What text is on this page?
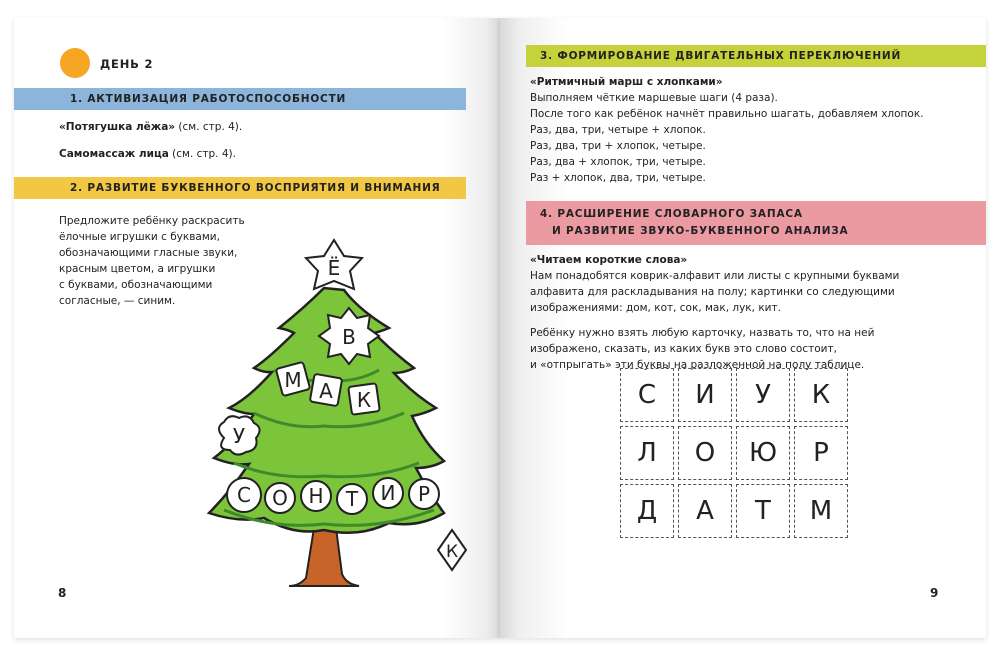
ДЕНЬ 2
1. АКТИВИЗАЦИЯ РАБОТОСПОСОБНОСТИ
«Потягушка лёжа» (см. стр. 4).
Самомассаж лица (см. стр. 4).
2. РАЗВИТИЕ БУКВЕННОГО ВОСПРИЯТИЯ И ВНИМАНИЯ
Предложите ребёнку раскрасить
ёлочные игрушки с буквами,
обозначающими гласные звуки,
красным цветом, а игрушки
с буквами, обозначающими
согласные, — синим.
Ё
В
М А К
У
С О Н Т И Р
К
8
3. ФОРМИРОВАНИЕ ДВИГАТЕЛЬНЫХ ПЕРЕКЛЮЧЕНИЙ
«Ритмичный марш с хлопками»
Выполняем чёткие маршевые шаги (4 раза).
После того как ребёнок начнёт правильно шагать, добавляем хлопок.
Раз, два, три, четыре + хлопок.
Раз, два, три + хлопок, четыре.
Раз, два + хлопок, три, четыре.
Раз + хлопок, два, три, четыре.
4. РАСШИРЕНИЕ СЛОВАРНОГО ЗАПАСА
И РАЗВИТИЕ ЗВУКО-БУКВЕННОГО АНАЛИЗА
«Читаем короткие слова»
Нам понадобятся коврик-алфавит или листы с крупными буквами
алфавита для раскладывания на полу; картинки со следующими
изображениями: дом, кот, сок, мак, лук, кит.
Ребёнку нужно взять любую карточку, назвать то, что на ней
изображено, сказать, из каких букв это слово состоит,
и «отпрыгать» эти буквы на разложенной на полу таблице.
С	И	У	К
Л	О	Ю	Р
Д	А	Т	М
9
